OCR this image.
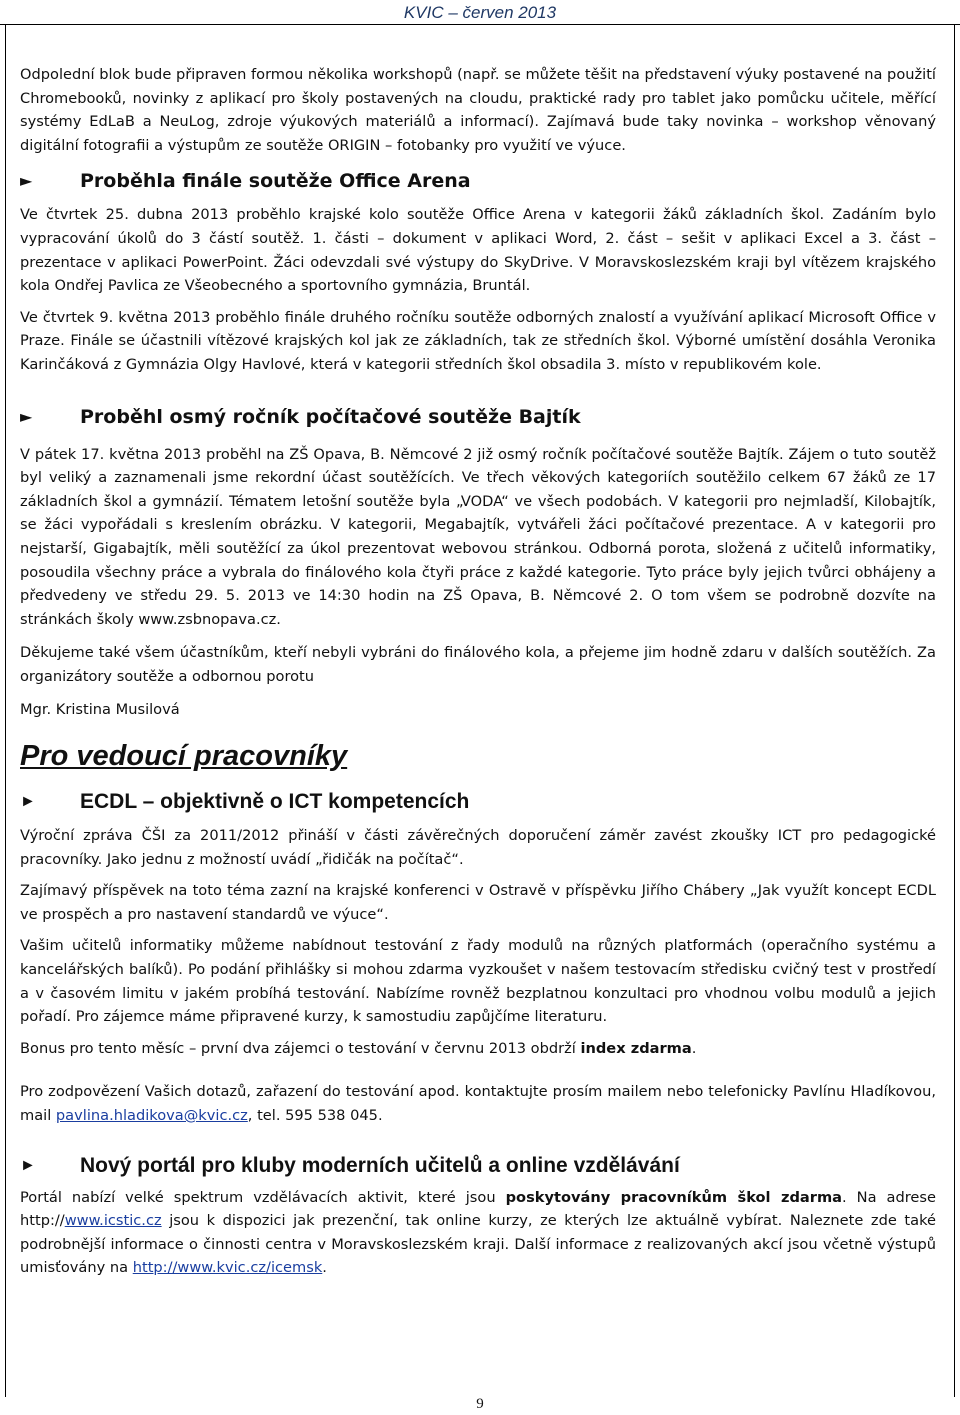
KVIC – červen 2013

Odpolední blok bude připraven formou několika workshopů (např. se můžete těšit na představení výuky postavené na použití Chromebooků, novinky z aplikací pro školy postavených na cloudu, praktické rady pro tablet jako pomůcku učitele, měřící systémy EdLaB a NeuLog, zdroje výukových materiálů a informací). Zajímavá bude taky novinka – workshop věnovaný digitální fotografii a výstupům ze soutěže ORIGIN – fotobanky pro využití ve výuce.

►	Proběhla finále soutěže Office Arena

Ve čtvrtek 25. dubna 2013 proběhlo krajské kolo soutěže Office Arena v kategorii žáků základních škol. Zadáním bylo vypracování úkolů do 3 částí soutěž. 1. části – dokument v aplikaci Word, 2. část – sešit v aplikaci Excel a 3. část – prezentace v aplikaci PowerPoint. Žáci odevzdali své výstupy do SkyDrive. V Moravskoslezském kraji byl vítězem krajského kola Ondřej Pavlica ze Všeobecného a sportovního gymnázia, Bruntál.

Ve čtvrtek 9. května 2013 proběhlo finále druhého ročníku soutěže odborných znalostí a využívání aplikací Microsoft Office v Praze. Finále se účastnili vítězové krajských kol jak ze základních, tak ze středních škol. Výborné umístění dosáhla Veronika Karinčáková z Gymnázia Olgy Havlové, která v kategorii středních škol obsadila 3. místo v republikovém kole.

►	Proběhl osmý ročník počítačové soutěže Bajtík

V pátek 17. května 2013 proběhl na ZŠ Opava, B. Němcové 2 již osmý ročník počítačové soutěže Bajtík. Zájem o tuto soutěž byl veliký a zaznamenali jsme rekordní účast soutěžících. Ve třech věkových kategoriích soutěžilo celkem 67 žáků ze 17 základních škol a gymnázií. Tématem letošní soutěže byla „VODA“ ve všech podobách. V kategorii pro nejmladší, Kilobajtík, se žáci vypořádali s kreslením obrázku. V kategorii, Megabajtík, vytvářeli žáci počítačové prezentace. A v kategorii pro nejstarší, Gigabajtík, měli soutěžící za úkol prezentovat webovou stránkou. Odborná porota, složená z učitelů informatiky, posoudila všechny práce a vybrala do finálového kola čtyři práce z každé kategorie. Tyto práce byly jejich tvůrci obhájeny a předvedeny ve středu 29. 5. 2013 ve 14:30 hodin na ZŠ Opava, B. Němcové 2. O tom všem se podrobně dozvíte na stránkách školy www.zsbnopava.cz.

Děkujeme také všem účastníkům, kteří nebyli vybráni do finálového kola, a přejeme jim hodně zdaru v dalších soutěžích. Za organizátory soutěže a odbornou porotu

Mgr. Kristina Musilová

Pro vedoucí pracovníky
► ECDL – objektivně o ICT kompetencích

Výroční zpráva ČŠI za 2011/2012 přináší v části závěrečných doporučení záměr zavést zkoušky ICT pro pedagogické pracovníky. Jako jednu z možností uvádí „řidičák na počítač“.

Zajímavý příspěvek na toto téma zazní na krajské konferenci v Ostravě v příspěvku Jiřího Chábery „Jak využít koncept ECDL ve prospěch a pro nastavení standardů ve výuce“.

Vašim učitelů informatiky můžeme nabídnout testování z řady modulů na různých platformách (operačního systému a kancelářských balíků). Po podání přihlášky si mohou zdarma vyzkoušet v našem testovacím středisku cvičný test v prostředí a v časovém limitu v jakém probíhá testování. Nabízíme rovněž bezplatnou konzultaci pro vhodnou volbu modulů a jejich pořadí. Pro zájemce máme připravené kurzy, k samostudiu zapůjčíme literaturu.

Bonus pro tento měsíc – první dva zájemci o testování v červnu 2013 obdrží index zdarma.

Pro zodpovězení Vašich dotazů, zařazení do testování apod. kontaktujte prosím mailem nebo telefonicky Pavlínu Hladíkovou, mail pavlina.hladikova@kvic.cz, tel. 595 538 045.

► Nový portál pro kluby moderních učitelů a online vzdělávání

Portál nabízí velké spektrum vzdělávacích aktivit, které jsou poskytovány pracovníkům škol zdarma. Na adrese http://www.icstic.cz jsou k dispozici jak prezenční, tak online kurzy, ze kterých lze aktuálně vybírat. Naleznete zde také podrobnější informace o činnosti centra v Moravskoslezském kraji. Další informace z realizovaných akcí jsou včetně výstupů umisťovány na http://www.kvic.cz/icemsk.

9
